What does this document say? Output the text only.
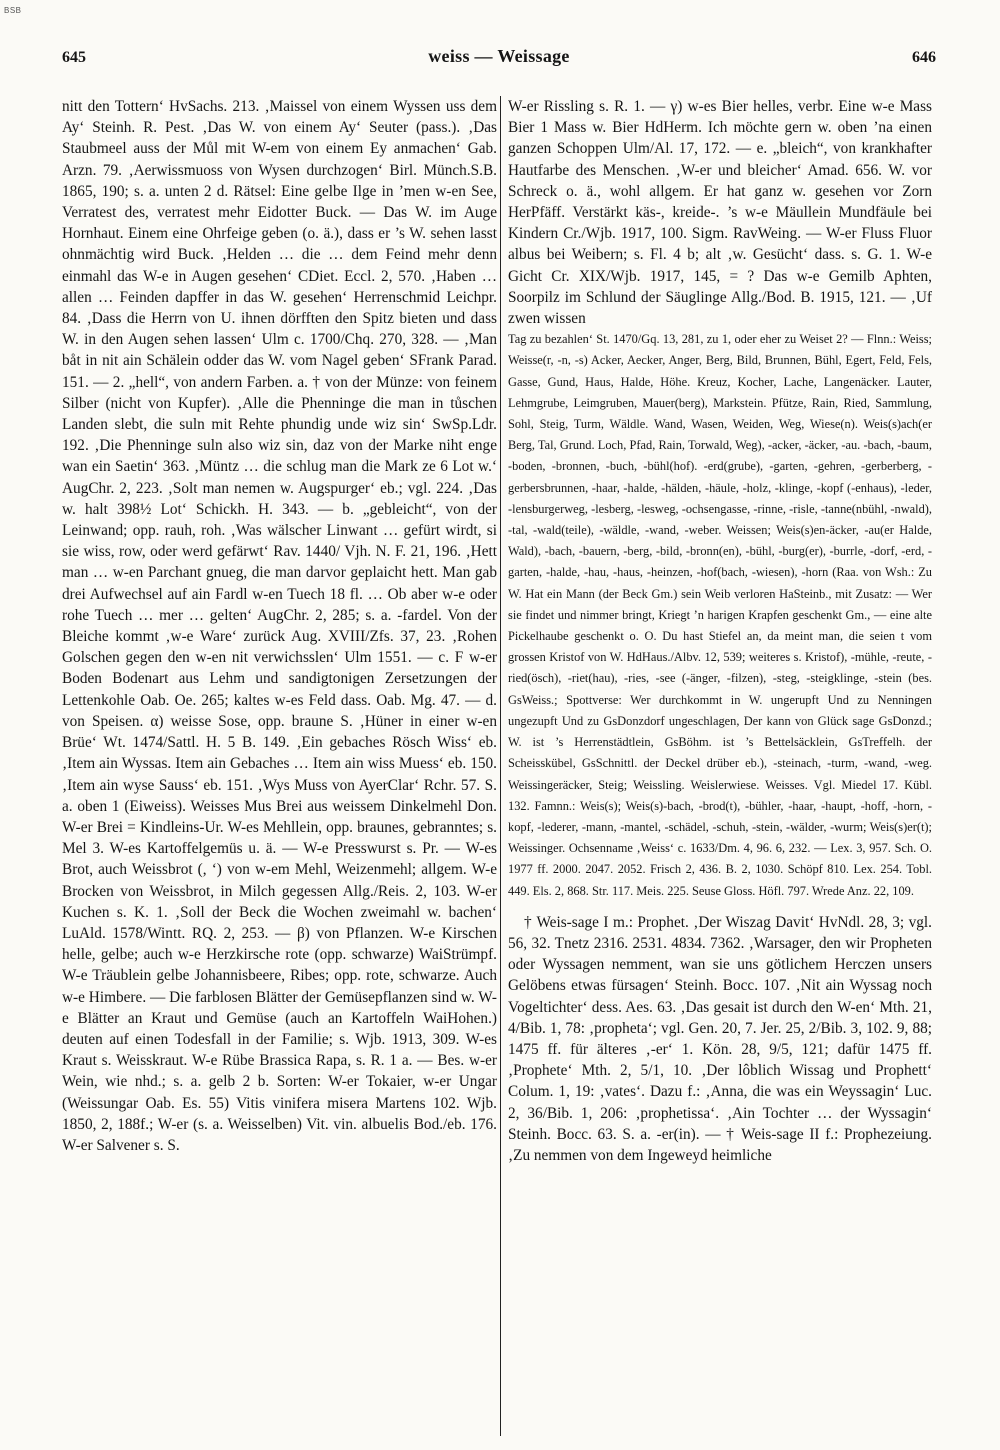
BSB
645	weiss — Weissage	646

nitt den Tottern‘ HvSachs. 213. ‚Maissel von einem Wyssen uss dem Ay‘ Steinh. R. Pest. ‚Das W. von einem Ay‘ Seuter (pass.). ‚Das Staubmeel auss der Můl mit W-em von einem Ey anmachen‘ Gab. Arzn. 79. ‚Aerwissmuoss von Wysen durchzogen‘ Birl. Münch.S.B. 1865, 190; s. a. unten 2 d. Rätsel: Eine gelbe Ilge in ’men w-en See, Verratest des, verratest mehr Eidotter Buck. — Das W. im Auge Hornhaut. Einem eine Ohrfeige geben (o. ä.), dass er ’s W. sehen lasst ohnmächtig wird Buck. ‚Helden … die … dem Feind mehr denn einmahl das W-e in Augen gesehen‘ CDiet. Eccl. 2, 570. ‚Haben … allen … Feinden dapffer in das W. gesehen‘ Herrenschmid Leichpr. 84. ‚Dass die Herrn von U. ihnen dörfften den Spitz bieten und dass W. in den Augen sehen lassen‘ Ulm c. 1700/Chq. 270, 328. — ‚Man båt in nit ain Schälein odder das W. vom Nagel geben‘ SFrank Parad. 151. — 2. „hell“, von andern Farben. a. † von der Münze: von feinem Silber (nicht von Kupfer). ‚Alle die Phenninge die man in tůschen Landen slebt, die suln mit Rehte phundig unde wiz sin‘ SwSp.Ldr. 192. ‚Die Phenninge suln also wiz sin, daz von der Marke niht enge wan ein Saetin‘ 363. ‚Müntz … die schlug man die Mark ze 6 Lot w.‘ AugChr. 2, 223. ‚Solt man nemen w. Augspurger‘ eb.; vgl. 224. ‚Das w. halt 398½ Lot‘ Schickh. H. 343. — b. „gebleicht“, von der Leinwand; opp. rauh, roh. ‚Was wälscher Linwant … gefürt wirdt, si sie wiss, row, oder werd gefärwt‘ Rav. 1440/ Vjh. N. F. 21, 196. ‚Hett man … w-en Parchant gnueg, die man darvor geplaicht hett. Man gab drei Aufwechsel auf ain Fardl w-en Tuech 18 fl. … Ob aber w-e oder rohe Tuech … mer … gelten‘ AugChr. 2, 285; s. a. -fardel. Von der Bleiche kommt ‚w-e Ware‘ zurück Aug. XVIII/Zfs. 37, 23. ‚Rohen Golschen gegen den w-en nit verwichsslen‘ Ulm 1551. — c. F w-er Boden Bodenart aus Lehm und sandigtonigen Zersetzungen der Lettenkohle Oab. Oe. 265; kaltes w-es Feld dass. Oab. Mg. 47. — d. von Speisen. α) weisse Sose, opp. braune S. ‚Hüner in einer w-en Brüe‘ Wt. 1474/Sattl. H. 5 B. 149. ‚Ein gebaches Rösch Wiss‘ eb. ‚Item ain Wyssas. Item ain Gebaches … Item ain wiss Muess‘ eb. 150. ‚Item ain wyse Sauss‘ eb. 151. ‚Wys Muss von AyerClar‘ Rchr. 57. S. a. oben 1 (Eiweiss). Weisses Mus Brei aus weissem Dinkelmehl Don. W-er Brei = Kindleins-Ur. W-es Mehllein, opp. braunes, gebranntes; s. Mel 3. W-es Kartoffelgemüs u. ä. — W-e Presswurst s. Pr. — W-es Brot, auch Weissbrot (, ‘) von w-em Mehl, Weizenmehl; allgem. W-e Brocken von Weissbrot, in Milch gegessen Allg./Reis. 2, 103. W-er Kuchen s. K. 1. ‚Soll der Beck die Wochen zweimahl w. bachen‘ LuAld. 1578/Wintt. RQ. 2, 253. — β) von Pflanzen. W-e Kirschen helle, gelbe; auch w-e Herzkirsche rote (opp. schwarze) WaiStrümpf. W-e Träublein gelbe Johannisbeere, Ribes; opp. rote, schwarze. Auch w-e Himbere. — Die farblosen Blätter der Gemüsepflanzen sind w. W-e Blätter an Kraut und Gemüse (auch an Kartoffeln WaiHohen.) deuten auf einen Todesfall in der Familie; s. Wjb. 1913, 309. W-es Kraut s. Weisskraut. W-e Rübe Brassica Rapa, s. R. 1 a. — Bes. w-er Wein, wie nhd.; s. a. gelb 2 b. Sorten: W-er Tokaier, w-er Ungar (Weissungar Oab. Es. 55) Vitis vinifera misera Martens 102. Wjb. 1850, 2, 188f.; W-er (s. a. Weisselben) Vit. vin. albuelis Bod./eb. 176. W-er Salvener s. S.

W-er Rissling s. R. 1. — γ) w-es Bier helles, verbr. Eine w-e Mass Bier 1 Mass w. Bier HdHerm. Ich möchte gern w. oben ’na einen ganzen Schoppen Ulm/Al. 17, 172. — e. „bleich“, von krankhafter Hautfarbe des Menschen. ‚W-er und bleicher‘ Amad. 656. W. vor Schreck o. ä., wohl allgem. Er hat ganz w. gesehen vor Zorn HerPfäff. Verstärkt käs-, kreide-. ’s w-e Mäullein Mundfäule bei Kindern Cr./Wjb. 1917, 100. Sigm. RavWeing. — W-er Fluss Fluor albus bei Weibern; s. Fl. 4 b; alt ‚w. Gesücht‘ dass. s. G. 1. W-e Gicht Cr. XIX/Wjb. 1917, 145, = ? Das w-e Gemilb Aphten, Soorpilz im Schlund der Säuglinge Allg./Bod. B. 1915, 121. — ‚Uf zwen wissen

Tag zu bezahlen‘ St. 1470/Gq. 13, 281, zu 1, oder eher zu Weiset 2? — Flnn.: Weiss; Weisse(r, -n, -s) Acker, Aecker, Anger, Berg, Bild, Brunnen, Bühl, Egert, Feld, Fels, Gasse, Gund, Haus, Halde, Höhe. Kreuz, Kocher, Lache, Langenäcker. Lauter, Lehmgrube, Leimgruben, Mauer(berg), Markstein. Pfütze, Rain, Ried, Sammlung, Sohl, Steig, Turm, Wäldle. Wand, Wasen, Weiden, Weg, Wiese(n). Weis(s)ach(er Berg, Tal, Grund. Loch, Pfad, Rain, Torwald, Weg), -acker, -äcker, -au. -bach, -baum, -boden, -bronnen, -buch, -bühl(hof). -erd(grube), -garten, -gehren, -gerberberg, -gerbersbrunnen, -haar, -halde, -hälden, -häule, -holz, -klinge, -kopf (-enhaus), -leder, -lensburgerweg, -lesberg, -lesweg, -ochsengasse, -rinne, -risle, -tanne(nbühl, -nwald), -tal, -wald(teile), -wäldle, -wand, -weber. Weissen; Weis(s)en-äcker, -au(er Halde, Wald), -bach, -bauern, -berg, -bild, -bronn(en), -bühl, -burg(er), -burrle, -dorf, -erd, -garten, -halde, -hau, -haus, -heinzen, -hof(bach, -wiesen), -horn (Raa. von Wsh.: Zu W. Hat ein Mann (der Beck Gm.) sein Weib verloren HaSteinb., mit Zusatz: — Wer sie findet und nimmer bringt, Kriegt ’n harigen Krapfen geschenkt Gm., — eine alte Pickelhaube geschenkt o. O. Du hast Stiefel an, da meint man, die seien t vom grossen Kristof von W. HdHaus./Albv. 12, 539; weiteres s. Kristof), -mühle, -reute, -ried(ösch), -riet(hau), -ries, -see (-änger, -filzen), -steg, -steigklinge, -stein (bes. GsWeiss.; Spottverse: Wer durchkommt in W. ungerupft Und zu Nenningen ungezupft Und zu GsDonzdorf ungeschlagen, Der kann von Glück sage GsDonzd.; W. ist ’s Herrenstädtlein, GsBöhm. ist ’s Bettelsäcklein, GsTreffelh. der Scheisskübel, GsSchnittl. der Deckel drüber eb.), -steinach, -turm, -wand, -weg. Weissingeräcker, Steig; Weissling. Weislerwiese. Weisses. Vgl. Miedel 17. Kübl. 132. Famnn.: Weis(s); Weis(s)-bach, -brod(t), -bühler, -haar, -haupt, -hoff, -horn, -kopf, -lederer, -mann, -mantel, -schädel, -schuh, -stein, -wälder, -wurm; Weis(s)er(t); Weissinger. Ochsenname ‚Weiss‘ c. 1633/Dm. 4, 96. 6, 232. — Lex. 3, 957. Sch. O. 1977 ff. 2000. 2047. 2052. Frisch 2, 436. B. 2, 1030. Schöpf 810. Lex. 254. Tobl. 449. Els. 2, 868. Str. 117. Meis. 225. Seuse Gloss. Höfl. 797. Wrede Anz. 22, 109.

† Weis-sage I m.: Prophet. ‚Der Wiszag Davit‘ HvNdl. 28, 3; vgl. 56, 32. Tnetz 2316. 2531. 4834. 7362. ‚Warsager, den wir Propheten oder Wyssagen nemment, wan sie uns götlichem Herczen unsers Gelöbens etwas fürsagen‘ Steinh. Bocc. 107. ‚Nit ain Wyssag noch Vogeltichter‘ dess. Aes. 63. ‚Das gesait ist durch den W-en‘ Mth. 21, 4/Bib. 1, 78: ‚propheta‘; vgl. Gen. 20, 7. Jer. 25, 2/Bib. 3, 102. 9, 88; 1475 ff. für älteres ‚-er‘ 1. Kön. 28, 9/5, 121; dafür 1475 ff. ‚Prophete‘ Mth. 2, 5/1, 10. ‚Der lôblich Wissag und Prophett‘ Colum. 1, 19: ‚vates‘. Dazu f.: ‚Anna, die was ein Weyssagin‘ Luc. 2, 36/Bib. 1, 206: ‚prophetissa‘. ‚Ain Tochter … der Wyssagin‘ Steinh. Bocc. 63. S. a. -er(in). — † Weis-sage II f.: Prophezeiung. ‚Zu nemmen von dem Ingeweyd heimliche
